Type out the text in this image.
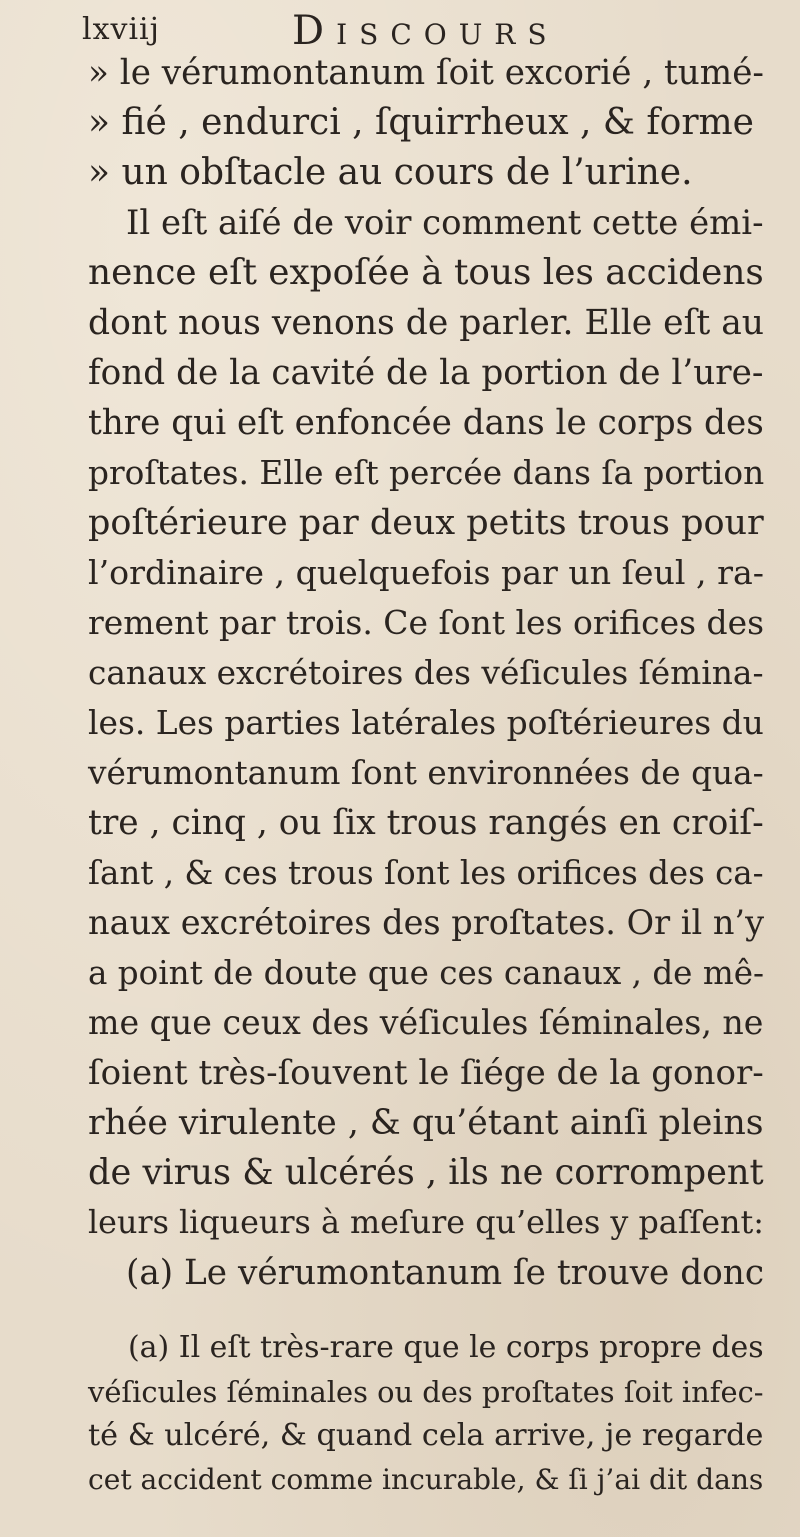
lxviij	Discours
» le vérumontanum ſoit excorié , tumé-
» fié , endurci , ſquirrheux , & forme
» un obſtacle au cours de l’urine.
Il eſt aiſé de voir comment cette émi-
nence eſt expoſée à tous les accidens
dont nous venons de parler. Elle eſt au
fond de la cavité de la portion de l’ure-
thre qui eſt enfoncée dans le corps des
proſtates. Elle eſt percée dans ſa portion
poſtérieure par deux petits trous pour
l’ordinaire , quelquefois par un ſeul , ra-
rement par trois. Ce ſont les orifices des
canaux excrétoires des véſicules ſémina-
les. Les parties latérales poſtérieures du
vérumontanum ſont environnées de qua-
tre , cinq , ou ſix trous rangés en croiſ-
ſant , & ces trous ſont les orifices des ca-
naux excrétoires des proſtates. Or il n’y
a point de doute que ces canaux , de mê-
me que ceux des véſicules ſéminales, ne
ſoient très-ſouvent le ſiége de la gonor-
rhée virulente , & qu’étant ainſi pleins
de virus & ulcérés , ils ne corrompent
leurs liqueurs à meſure qu’elles y paſſent:
(a) Le vérumontanum ſe trouve donc
(a) Il eſt très-rare que le corps propre des
véſicules ſéminales ou des proſtates ſoit infec-
té & ulcéré, & quand cela arrive, je regarde
cet accident comme incurable, & ſi j’ai dit dans
